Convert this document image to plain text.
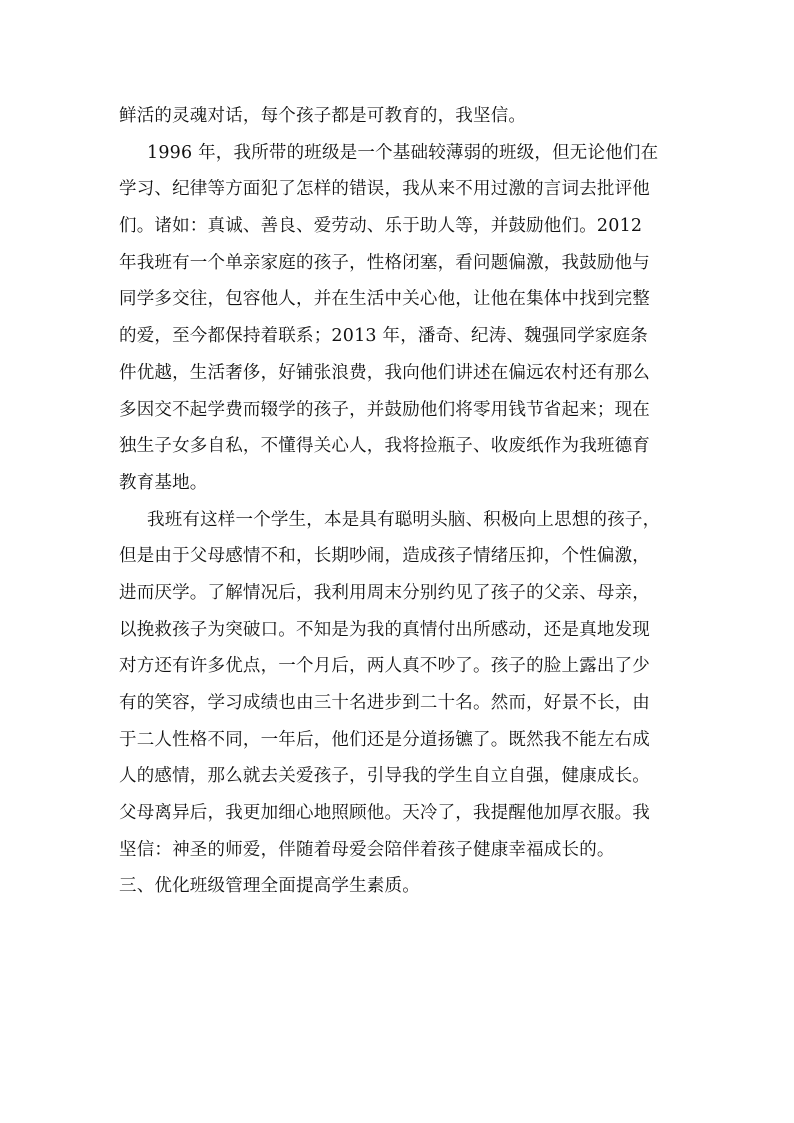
鲜活的灵魂对话，每个孩子都是可教育的，我坚信。
1996 年，我所带的班级是一个基础较薄弱的班级，但无论他们在
学习、纪律等方面犯了怎样的错误，我从来不用过激的言词去批评他
们。诸如：真诚、善良、爱劳动、乐于助人等，并鼓励他们。2012
年我班有一个单亲家庭的孩子，性格闭塞，看问题偏激，我鼓励他与
同学多交往，包容他人，并在生活中关心他，让他在集体中找到完整
的爱，至今都保持着联系；2013 年，潘奇、纪涛、魏强同学家庭条
件优越，生活奢侈，好铺张浪费，我向他们讲述在偏远农村还有那么
多因交不起学费而辍学的孩子，并鼓励他们将零用钱节省起来；现在
独生子女多自私，不懂得关心人，我将捡瓶子、收废纸作为我班德育
教育基地。
我班有这样一个学生，本是具有聪明头脑、积极向上思想的孩子，
但是由于父母感情不和，长期吵闹，造成孩子情绪压抑，个性偏激，
进而厌学。了解情况后，我利用周末分别约见了孩子的父亲、母亲，
以挽救孩子为突破口。不知是为我的真情付出所感动，还是真地发现
对方还有许多优点，一个月后，两人真不吵了。孩子的脸上露出了少
有的笑容，学习成绩也由三十名进步到二十名。然而，好景不长，由
于二人性格不同，一年后，他们还是分道扬镳了。既然我不能左右成
人的感情，那么就去关爱孩子，引导我的学生自立自强，健康成长。
父母离异后，我更加细心地照顾他。天冷了，我提醒他加厚衣服。我
坚信：神圣的师爱，伴随着母爱会陪伴着孩子健康幸福成长的。
三、优化班级管理全面提高学生素质。
